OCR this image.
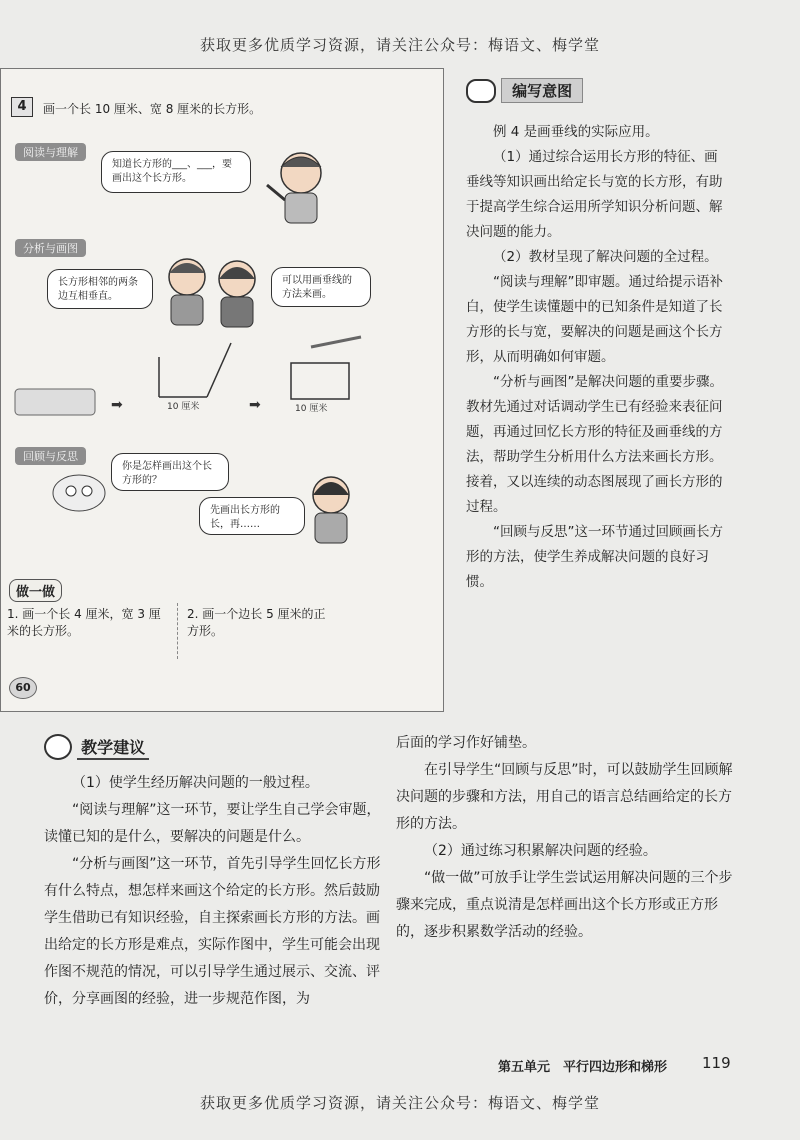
获取更多优质学习资源，请关注公众号：梅语文、梅学堂
4	画一个长 10 厘米、宽 8 厘米的长方形。
阅读与理解
知道长方形的___、___，要画出这个长方形。
分析与画图
长方形相邻的两条边互相垂直。
可以用画垂线的方法来画。
➡	10 厘米	➡	10 厘米
回顾与反思
你是怎样画出这个长方形的？
先画出长方形的长，再……
做一做
1. 画一个长 4 厘米，宽 3 厘米的长方形。
2. 画一个边长 5 厘米的正方形。
60
编写意图

例 4 是画垂线的实际应用。

（1）通过综合运用长方形的特征、画垂线等知识画出给定长与宽的长方形，有助于提高学生综合运用所学知识分析问题、解决问题的能力。

（2）教材呈现了解决问题的全过程。

“阅读与理解”即审题。通过给提示语补白，使学生读懂题中的已知条件是知道了长方形的长与宽，要解决的问题是画这个长方形，从而明确如何审题。

“分析与画图”是解决问题的重要步骤。教材先通过对话调动学生已有经验来表征问题，再通过回忆长方形的特征及画垂线的方法，帮助学生分析用什么方法来画长方形。接着，又以连续的动态图展现了画长方形的过程。

“回顾与反思”这一环节通过回顾画长方形的方法，使学生养成解决问题的良好习惯。

教学建议

（1）使学生经历解决问题的一般过程。

“阅读与理解”这一环节，要让学生自己学会审题，读懂已知的是什么，要解决的问题是什么。

“分析与画图”这一环节，首先引导学生回忆长方形有什么特点，想怎样来画这个给定的长方形。然后鼓励学生借助已有知识经验，自主探索画长方形的方法。画出给定的长方形是难点，实际作图中，学生可能会出现作图不规范的情况，可以引导学生通过展示、交流、评价，分享画图的经验，进一步规范作图，为

后面的学习作好铺垫。

在引导学生“回顾与反思”时，可以鼓励学生回顾解决问题的步骤和方法，用自己的语言总结画给定的长方形的方法。

（2）通过练习积累解决问题的经验。

“做一做”可放手让学生尝试运用解决问题的三个步骤来完成，重点说清是怎样画出这个长方形或正方形的，逐步积累数学活动的经验。

第五单元　平行四边形和梯形 119
获取更多优质学习资源，请关注公众号：梅语文、梅学堂
